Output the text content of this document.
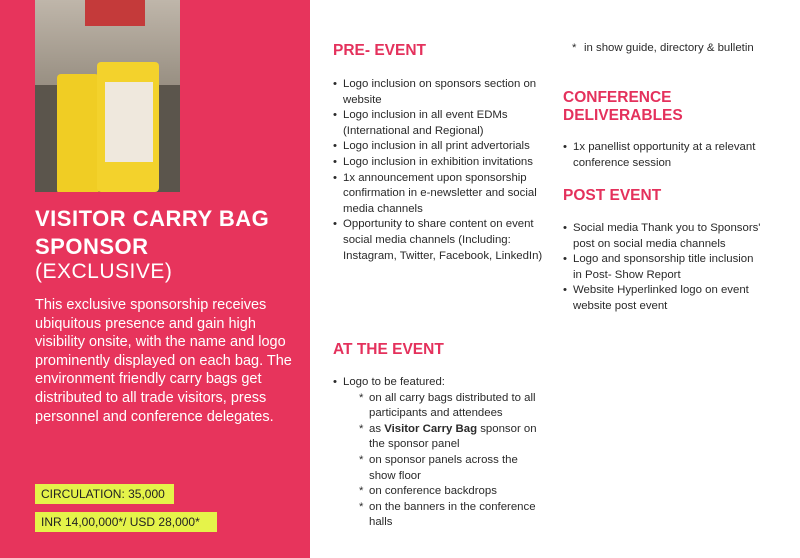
VISITOR CARRY BAG SPONSOR
(EXCLUSIVE)

This exclusive sponsorship receives ubiquitous presence and gain high visibility onsite, with the name and logo prominently displayed on each bag. The environment friendly carry bags get distributed to all trade visitors, press personnel and conference delegates.

CIRCULATION: 35,000
INR 14,00,000*/ USD 28,000*
PRE- EVENT
• Logo inclusion on sponsors section on website
• Logo inclusion in all event EDMs (International and Regional)
• Logo inclusion in all print advertorials
• Logo inclusion in exhibition invitations
• 1x announcement upon sponsorship confirmation in e-newsletter and social media channels
• Opportunity to share content on event social media channels (Including: Instagram, Twitter, Facebook, LinkedIn)
AT THE EVENT
• Logo to be featured:
* on all carry bags distributed to all participants and attendees
* as Visitor Carry Bag sponsor on the sponsor panel
* on sponsor panels across the show floor
* on conference backdrops
* on the banners in the conference halls
* in show guide, directory & bulletin
CONFERENCE DELIVERABLES
• 1x panellist opportunity at a relevant conference session
POST EVENT
• Social media Thank you to Sponsors' post on social media channels
• Logo and sponsorship title inclusion in Post- Show Report
• Website Hyperlinked logo on event website post event
